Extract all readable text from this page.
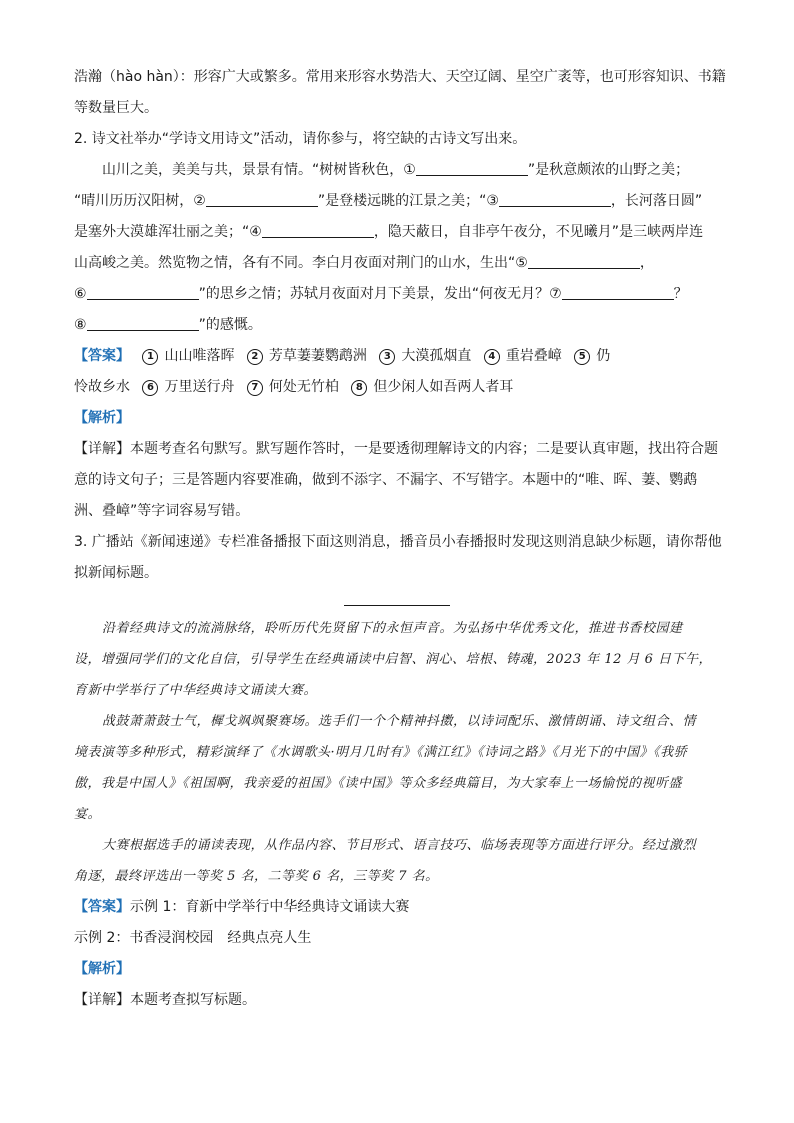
浩瀚（hào hàn）：形容广大或繁多。常用来形容水势浩大、天空辽阔、星空广袤等，也可形容知识、书籍
等数量巨大。
2. 诗文社举办“学诗文用诗文”活动，请你参与，将空缺的古诗文写出来。
山川之美，美美与共，景景有情。“树树皆秋色，①	”是秋意颇浓的山野之美；
“晴川历历汉阳树，②	”是登楼远眺的江景之美；“③	，长河落日圆”
是塞外大漠雄浑壮丽之美；“④	，隐天蔽日，自非亭午夜分，不见曦月”是三峡两岸连
山高峻之美。然览物之情，各有不同。李白月夜面对荆门的山水，生出“⑤	，
⑥	”的思乡之情；苏轼月夜面对月下美景，发出“何夜无月？⑦	？
⑧	”的感慨。
【答案】 1 山山唯落晖 2 芳草萋萋鹦鹉洲 3 大漠孤烟直 4 重岩叠嶂 5 仍
怜故乡水 6 万里送行舟 7 何处无竹柏 8 但少闲人如吾两人者耳
【解析】
【详解】本题考查名句默写。默写题作答时，一是要透彻理解诗文的内容；二是要认真审题，找出符合题
意的诗文句子；三是答题内容要准确，做到不添字、不漏字、不写错字。本题中的“唯、晖、萋、鹦鹉
洲、叠嶂”等字词容易写错。
3. 广播站《新闻速递》专栏准备播报下面这则消息，播音员小春播报时发现这则消息缺少标题，请你帮他
拟新闻标题。
沿着经典诗文的流淌脉络，聆听历代先贤留下的永恒声音。为弘扬中华优秀文化，推进书香校园建
设，增强同学们的文化自信，引导学生在经典诵读中启智、润心、培根、铸魂，2023 年 12 月 6 日下午，
育新中学举行了中华经典诗文诵读大赛。
战鼓萧萧鼓士气，樨戈飒飒聚赛场。选手们一个个精神抖擞，以诗词配乐、激情朗诵、诗文组合、情
境表演等多种形式，精彩演绎了《水调歌头·明月几时有》《满江红》《诗词之路》《月光下的中国》《我骄
傲，我是中国人》《祖国啊，我亲爱的祖国》《读中国》等众多经典篇目，为大家奉上一场愉悦的视听盛
宴。
大赛根据选手的诵读表现，从作品内容、节目形式、语言技巧、临场表现等方面进行评分。经过激烈
角逐，最终评选出一等奖 5 名，二等奖 6 名，三等奖 7 名。
【答案】示例 1：育新中学举行中华经典诗文诵读大赛
示例 2：书香浸润校园　经典点亮人生
【解析】
【详解】本题考查拟写标题。
